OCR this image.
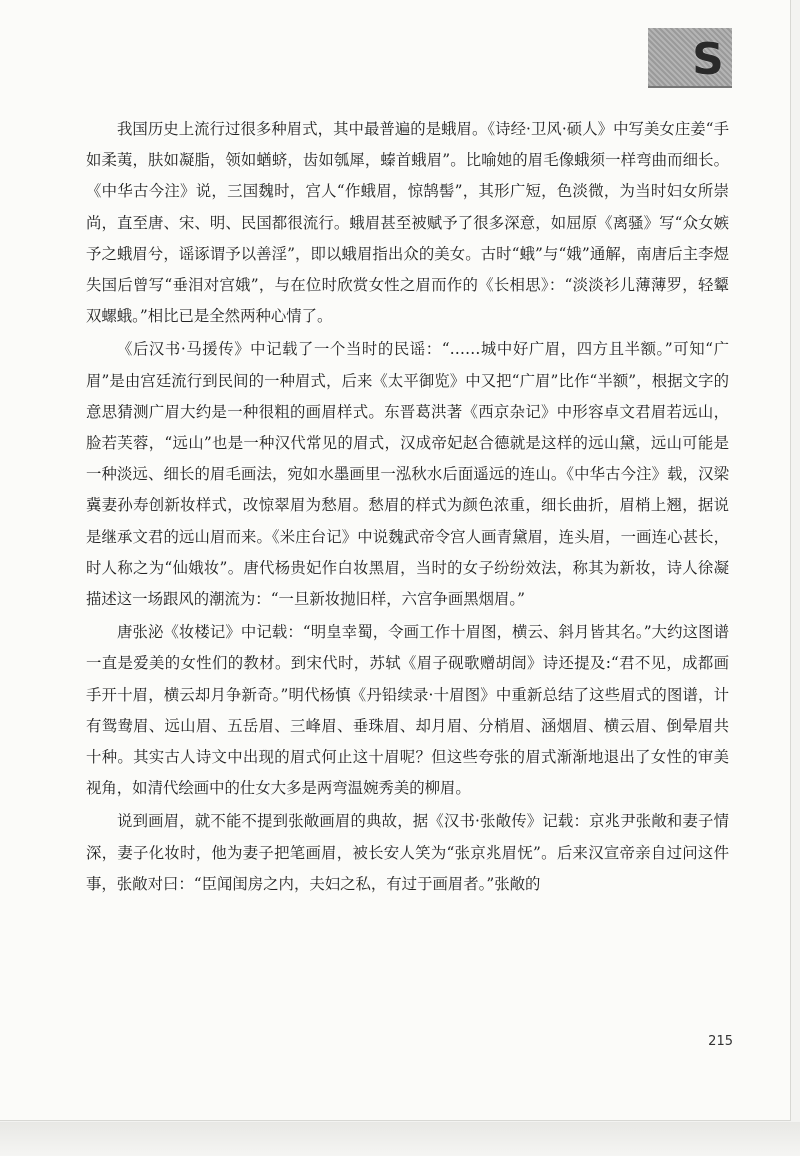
S

我国历史上流行过很多种眉式，其中最普遍的是蛾眉。《诗经·卫风·硕人》中写美女庄姜“手如柔荑，肤如凝脂，领如蝤蛴，齿如瓠犀，螓首蛾眉”。比喻她的眉毛像蛾须一样弯曲而细长。《中华古今注》说，三国魏时，宫人“作蛾眉，惊鹄髻”，其形广短，色淡微，为当时妇女所崇尚，直至唐、宋、明、民国都很流行。蛾眉甚至被赋予了很多深意，如屈原《离骚》写“众女嫉予之蛾眉兮，谣诼谓予以善淫”，即以蛾眉指出众的美女。古时“蛾”与“娥”通解，南唐后主李煜失国后曾写“垂泪对宫娥”，与在位时欣赏女性之眉而作的《长相思》：“淡淡衫儿薄薄罗，轻颦双螺蛾。”相比已是全然两种心情了。

《后汉书·马援传》中记载了一个当时的民谣：“……城中好广眉，四方且半额。”可知“广眉”是由宫廷流行到民间的一种眉式，后来《太平御览》中又把“广眉”比作“半额”，根据文字的意思猜测广眉大约是一种很粗的画眉样式。东晋葛洪著《西京杂记》中形容卓文君眉若远山，脸若芙蓉，“远山”也是一种汉代常见的眉式，汉成帝妃赵合德就是这样的远山黛，远山可能是一种淡远、细长的眉毛画法，宛如水墨画里一泓秋水后面遥远的连山。《中华古今注》载，汉梁冀妻孙寿创新妆样式，改惊翠眉为愁眉。愁眉的样式为颜色浓重，细长曲折，眉梢上翘，据说是继承文君的远山眉而来。《米庄台记》中说魏武帝令宫人画青黛眉，连头眉，一画连心甚长，时人称之为“仙娥妆”。唐代杨贵妃作白妆黑眉，当时的女子纷纷效法，称其为新妆，诗人徐凝描述这一场跟风的潮流为：“一旦新妆抛旧样，六宫争画黑烟眉。”

唐张泌《妆楼记》中记载：“明皇幸蜀，令画工作十眉图，横云、斜月皆其名。”大约这图谱一直是爱美的女性们的教材。到宋代时，苏轼《眉子砚歌赠胡訚》诗还提及:“君不见，成都画手开十眉，横云却月争新奇。”明代杨慎《丹铅续录·十眉图》中重新总结了这些眉式的图谱，计有鸳鸯眉、远山眉、五岳眉、三峰眉、垂珠眉、却月眉、分梢眉、涵烟眉、横云眉、倒晕眉共十种。其实古人诗文中出现的眉式何止这十眉呢？但这些夸张的眉式渐渐地退出了女性的审美视角，如清代绘画中的仕女大多是两弯温婉秀美的柳眉。

说到画眉，就不能不提到张敞画眉的典故，据《汉书·张敞传》记载：京兆尹张敞和妻子情深，妻子化妆时，他为妻子把笔画眉，被长安人笑为“张京兆眉怃”。后来汉宣帝亲自过问这件事，张敞对曰：“臣闻闺房之内，夫妇之私，有过于画眉者。”张敞的

215
